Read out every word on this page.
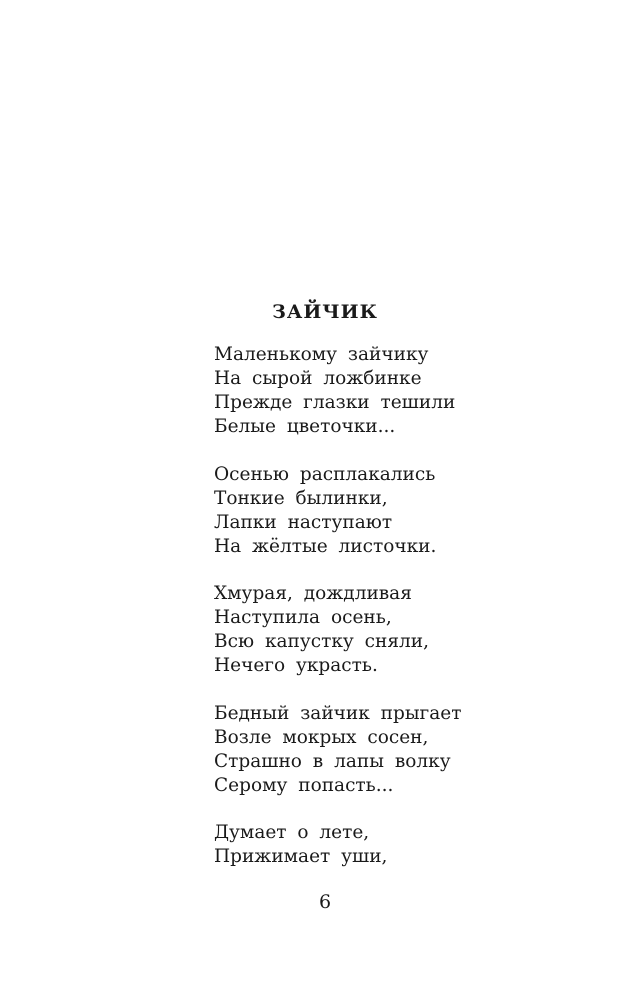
ЗАЙЧИК
Маленькому зайчику
На сырой ложбинке
Прежде глазки тешили
Белые цветочки...
Осенью расплакались
Тонкие былинки,
Лапки наступают
На жёлтые листочки.
Хмурая, дождливая
Наступила осень,
Всю капустку сняли,
Нечего украсть.
Бедный зайчик прыгает
Возле мокрых сосен,
Страшно в лапы волку
Серому попасть...
Думает о лете,
Прижимает уши,
6
